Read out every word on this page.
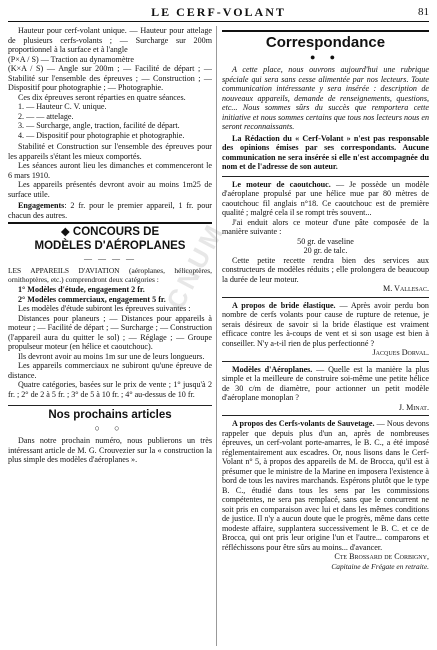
LE CERF-VOLANT	81

Hauteur pour cerf-volant unique. — Hauteur pour attelage de plusieurs cerfs-volants ; — Surcharge sur 200m proportionnel à la surface et à l'angle

(P×A / S) — Traction au dynamomètre

(K×A / S) — Angle sur 200m ; — Facilité de départ ; — Stabilité sur l'ensemble des épreuves ; — Construction ; — Dispositif pour photographie ; — Photographie.

Ces dix épreuves seront réparties en quatre séances.

1. — Hauteur C. V. unique.

2. — — attelage.

3. — Surcharge, angle, traction, facilité de départ.

4. — Dispositif pour photographie et photographie.

Stabilité et Construction sur l'ensemble des épreuves pour les appareils s'étant les mieux comportés.

Les séances auront lieu les dimanches et commenceront le 6 mars 1910.

Les appareils présentés devront avoir au moins 1m25 de surface utile.

Engagements: 2 fr. pour le premier appareil, 1 fr. pour chacun des autres.

◆ CONCOURS DE
MODÈLES D'AÉROPLANES
— — — —

LES APPAREILS D'AVIATION (aéroplanes, hélicoptères, ornithoptères, etc.) comprendront deux catégories :

1° Modèles d'étude, engagement 2 fr.

2° Modèles commerciaux, engagement 5 fr.

Les modèles d'étude subiront les épreuves suivantes :

Distances pour planeurs ; — Distances pour appareils à moteur ; — Facilité de départ ; — Surcharge ; — Construction (l'appareil aura du quitter le sol) ; — Réglage ; — Groupe propulseur moteur (en hélice et caoutchouc).

Ils devront avoir au moins 1m sur une de leurs longueurs.

Les appareils commerciaux ne subiront qu'une épreuve de distance.

Quatre catégories, basées sur le prix de vente ; 1° jusqu'à 2 fr. ; 2° de 2 à 5 fr. ; 3° de 5 à 10 fr. ; 4° au-dessus de 10 fr.

Nos prochains articles
○ ○

Dans notre prochain numéro, nous publierons un très intéressant article de M. G. Crouvezier sur la « construction la plus simple des modèles d'aéroplanes ».

Correspondance
● ●

A cette place, nous ouvrons aujourd'hui une rubrique spéciale qui sera sans cesse alimentée par nos lecteurs. Toute communication intéressante y sera insérée : description de nouveaux appareils, demande de renseignements, questions, etc... Nous sommes sûrs du succès que remportera cette initiative et nous sommes certains que tous nos lecteurs nous en seront reconnaissants.

La Rédaction du « Cerf-Volant » n'est pas responsable des opinions émises par ses correspondants. Aucune communication ne sera insérée si elle n'est accompagnée du nom et de l'adresse de son auteur.

Le moteur de caoutchouc. — Je possède un modèle d'aéroplane propulsé par une hélice mue par 80 mètres de caoutchouc fil anglais n°18. Ce caoutchouc est de première qualité ; malgré cela il se rompt très souvent...

J'ai enduit alors ce moteur d'une pâte composée de la manière suivante :

50 gr. de vaseline

20 gr. de talc.

Cette petite recette rendra bien des services aux constructeurs de modèles réduits ; elle prolongera de beaucoup la durée de leur moteur.

M. Vallesac.

A propos de bride élastique. — Après avoir perdu bon nombre de cerfs volants pour cause de rupture de retenue, je serais désireux de savoir si la bride élastique est vraiment efficace contre les à-coups de vent et si son usage est bien à conseiller. N'y a-t-il rien de plus perfectionné ?

Jacques Dorval.

Modèles d'Aéroplanes. — Quelle est la manière la plus simple et la meilleure de construire soi-même une petite hélice de 30 c/m de diamètre, pour actionner un petit modèle d'aéroplane monoplan ?

J. Minat.

A propos des Cerfs-volants de Sauvetage. — Nous devons rappeler que depuis plus d'un an, après de nombreuses épreuves, un cerf-volant porte-amarres, le B. C., a été imposé réglementairement aux escadres. Or, nous lisons dans le Cerf-Volant n° 5, à propos des appareils de M. de Brocca, qu'il est à présumer que le ministre de la Marine en imposera l'existence à bord de tous les navires marchands. Espérons plutôt que le type B. C., étudié dans tous les sens par les commissions compétentes, ne sera pas remplacé, sans que le concurrent ne soit pris en comparaison avec lui et dans les mêmes conditions de justice. Il n'y a aucun doute que le progrès, même dans cette modeste affaire, supplantera successivement le B. C. et ce de Brocca, qui ont pris leur origine l'un et l'autre... comparons et réfléchissons pour être sûrs au moins... d'avancer.

Cte Brossard de Corbigny,

Capitaine de Frégate en retraite.

CNUM
